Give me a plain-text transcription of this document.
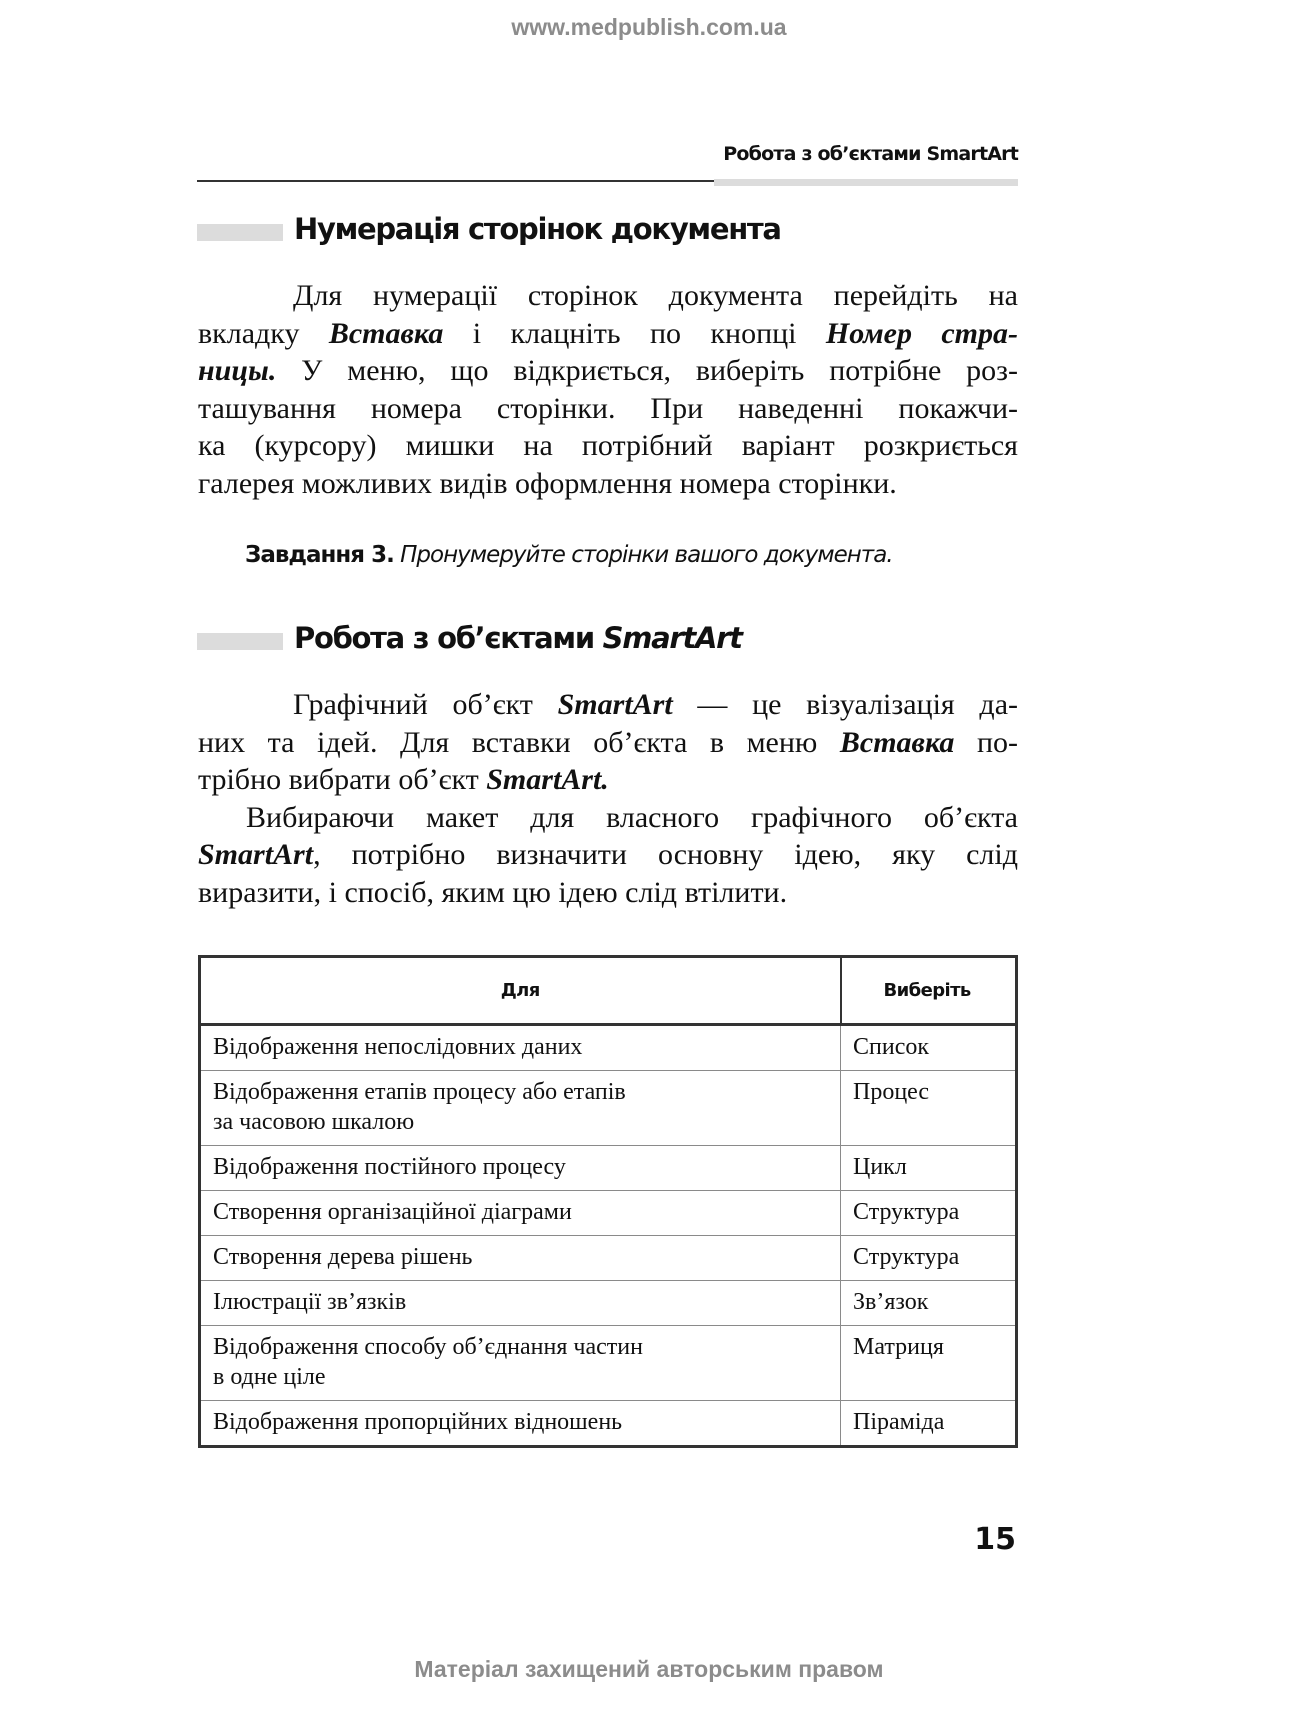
www.medpublish.com.ua
Робота з об’єктами SmartArt
Нумерація сторінок документа
Для нумерації сторінок документа перейдіть на
вкладку Вставка і клацніть по кнопці Номер стра-
ницы. У меню, що відкриється, виберіть потрібне роз-
ташування номера сторінки. При наведенні покажчи-
ка (курсору) мишки на потрібний варіант розкриється
галерея можливих видів оформлення номера сторінки.
Завдання 3. Пронумеруйте сторінки вашого документа.
Робота з об’єктами SmartArt
Графічний об’єкт SmartArt — це візуалізація да-
них та ідей. Для вставки об’єкта в меню Вставка по-
трібно вибрати об’єкт SmartArt.
Вибираючи макет для власного графічного об’єкта
SmartArt, потрібно визначити основну ідею, яку слід
виразити, і спосіб, яким цю ідею слід втілити.
Для	Виберіть
Відображення непослідовних даних	Список
Відображення етапів процесу або етапів
за часовою шкалою	Процес
Відображення постійного процесу	Цикл
Створення організаційної діаграми	Структура
Створення дерева рішень	Структура
Ілюстрації зв’язків	Зв’язок
Відображення способу об’єднання частин
в одне ціле	Матриця
Відображення пропорційних відношень	Піраміда
15
Матеріал захищений авторським правом
